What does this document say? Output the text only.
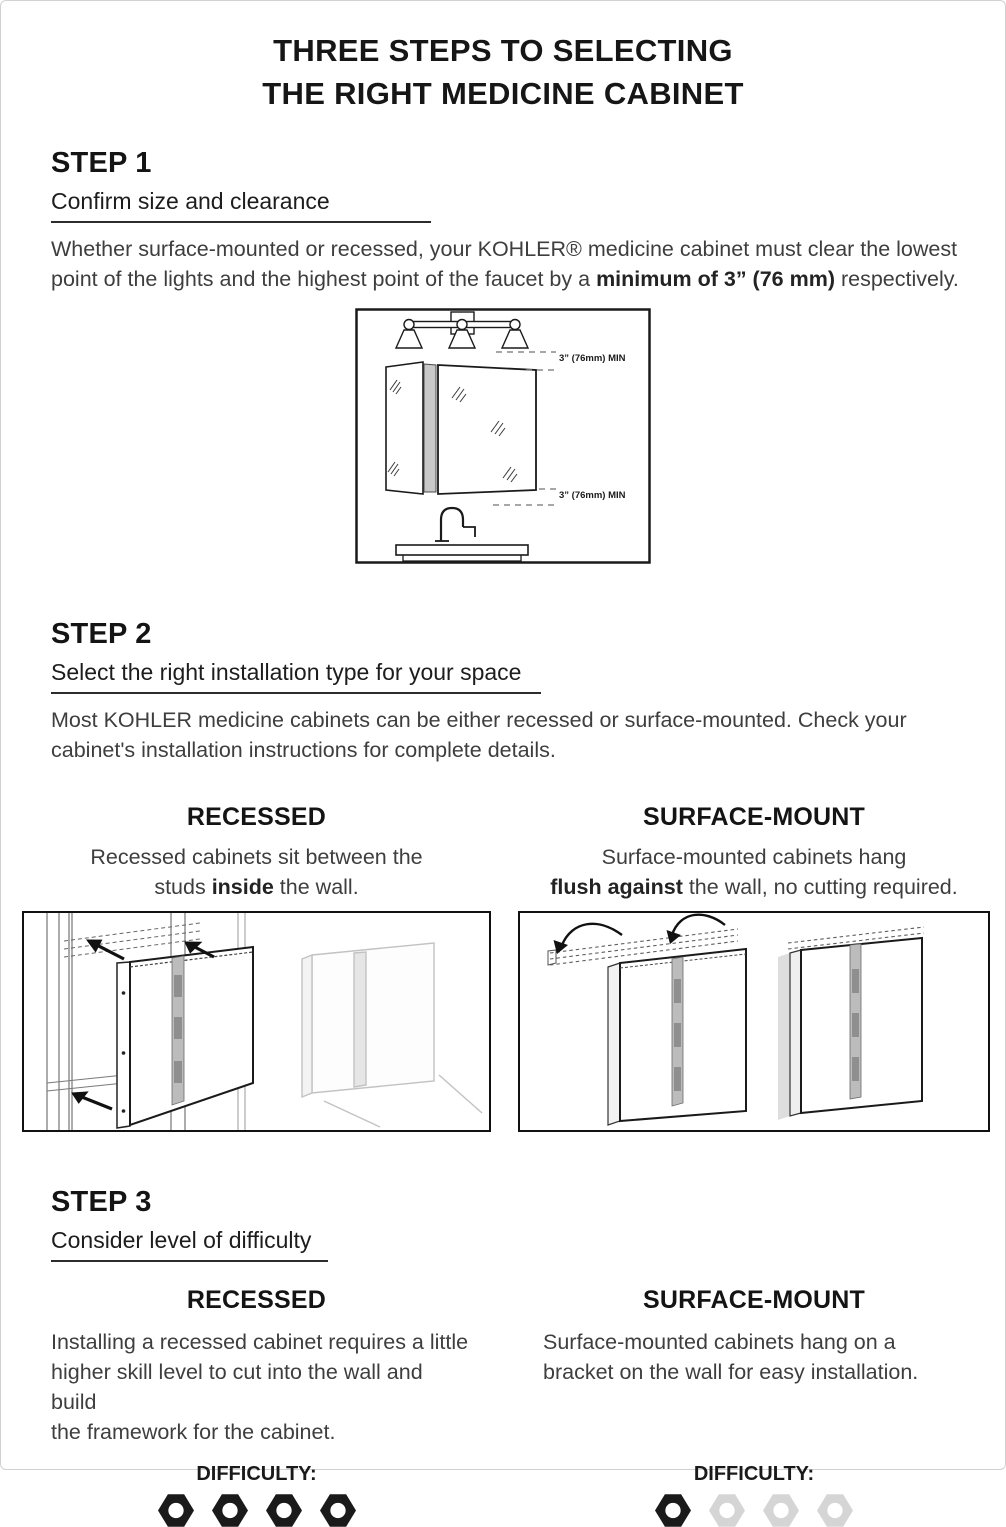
THREE STEPS TO SELECTING
THE RIGHT MEDICINE CABINET
STEP 1
Confirm size and clearance

Whether surface-mounted or recessed, your KOHLER® medicine cabinet must clear the lowest
point of the lights and the highest point of the faucet by a minimum of 3” (76 mm) respectively.

3” (76mm) MIN
3” (76mm) MIN
STEP 2
Select the right installation type for your space

Most KOHLER medicine cabinets can be either recessed or surface-mounted. Check your
cabinet's installation instructions for complete details.

RECESSED
Recessed cabinets sit between the
studs inside the wall.
SURFACE-MOUNT
Surface-mounted cabinets hang
flush against the wall, no cutting required.
STEP 3
Consider level of difficulty
RECESSED
Installing a recessed cabinet requires a little
higher skill level to cut into the wall and build
the framework for the cabinet.
DIFFICULTY:
SURFACE-MOUNT
Surface-mounted cabinets hang on a
bracket on the wall for easy installation.
DIFFICULTY:
